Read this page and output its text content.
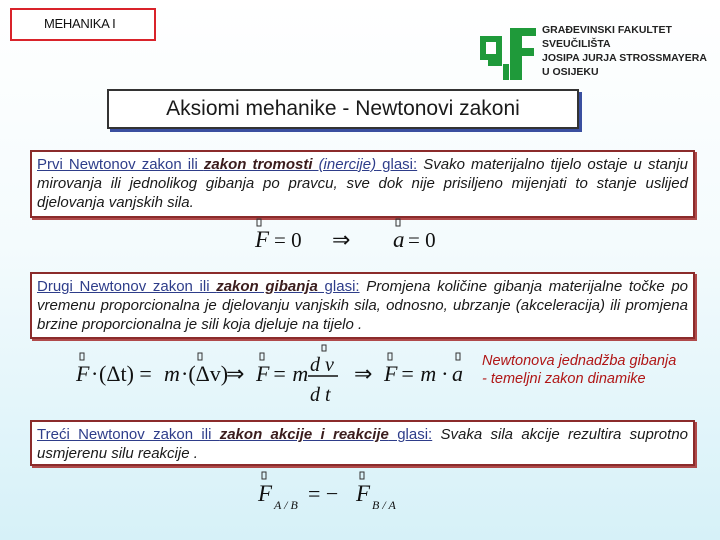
MEHANIKA I	GRAĐEVINSKI FAKULTET
SVEUČILIŠTA
JOSIPA JURJA STROSSMAYERA
U OSIJEKU
Aksiomi mehanike - Newtonovi zakoni
Prvi Newtonov zakon ili zakon tromosti (inercije) glasi: Svako materijalno tijelo ostaje u stanju mirovanja ili jednolikog gibanja po pravcu, sve dok nije prisiljeno mijenjati to stanje uslijed djelovanja vanjskih sila.
F = 0 ⇒ a = 0
Drugi Newtonov zakon ili zakon gibanja glasi: Promjena količine gibanja materijalne točke po vremenu proporcionalna je djelovanju vanjskih sila, odnosno, ubrzanje (akceleracija) ili promjena brzine proporcionalna je sili koja djeluje na tijelo .
F · (Δt) = m ·(Δv)
⇒ F = m d v
d t
⇒ F = m · a Newtonova jednadžba gibanja - temeljni zakon dinamike
Treći Newtonov zakon ili zakon akcije i reakcije glasi: Svaka sila akcije rezultira suprotno usmjerenu silu reakcije .
F A / B = − F B / A
